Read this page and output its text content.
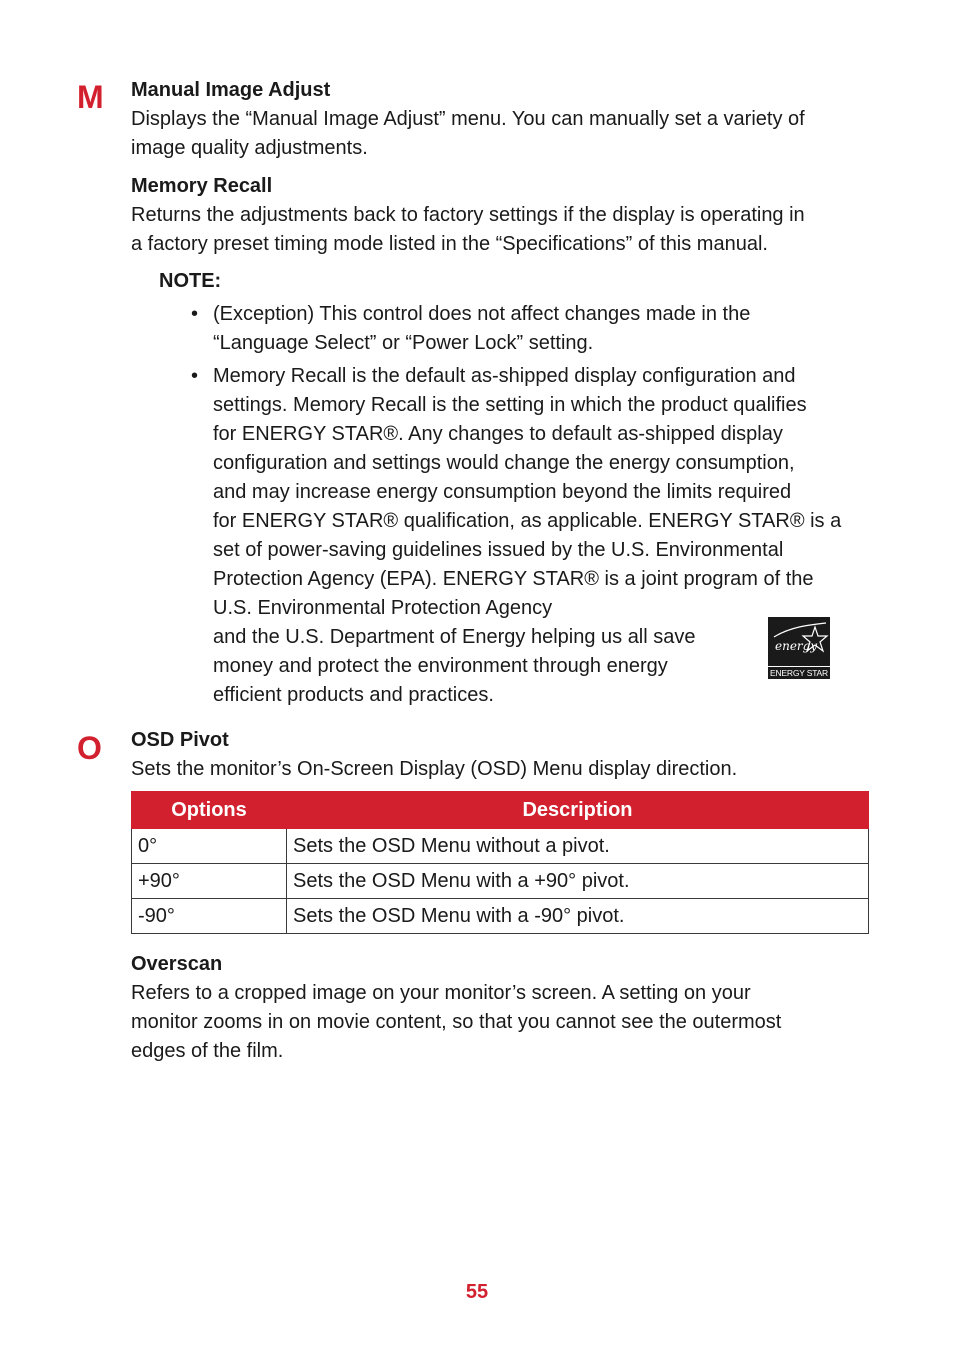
M Manual Image Adjust

Displays the “Manual Image Adjust” menu. You can manually set a variety of

image quality adjustments.

Memory Recall

Returns the adjustments back to factory settings if the display is operating in

a factory preset timing mode listed in the “Specifications” of this manual.

NOTE:
• (Exception) This control does not affect changes made in the
“Language Select” or “Power Lock” setting.
• Memory Recall is the default as-shipped display configuration and
settings. Memory Recall is the setting in which the product qualifies
for ENERGY STAR®. Any changes to default as-shipped display
configuration and settings would change the energy consumption,
and may increase energy consumption beyond the limits required
for ENERGY STAR® qualification, as applicable. ENERGY STAR® is a
set of power-saving guidelines issued by the U.S. Environmental
Protection Agency (EPA). ENERGY STAR® is a joint program of the
U.S. Environmental Protection Agency
and the U.S. Department of Energy helping us all save
money and protect the environment through energy
efficient products and practices.
energy
ENERGY STAR
O OSD Pivot

Sets the monitor’s On-Screen Display (OSD) Menu display direction.

Options	Description
0°	Sets the OSD Menu without a pivot.
+90°	Sets the OSD Menu with a +90° pivot.
-90°	Sets the OSD Menu with a -90° pivot.
Overscan

Refers to a cropped image on your monitor’s screen. A setting on your

monitor zooms in on movie content, so that you cannot see the outermost

edges of the film.

55
